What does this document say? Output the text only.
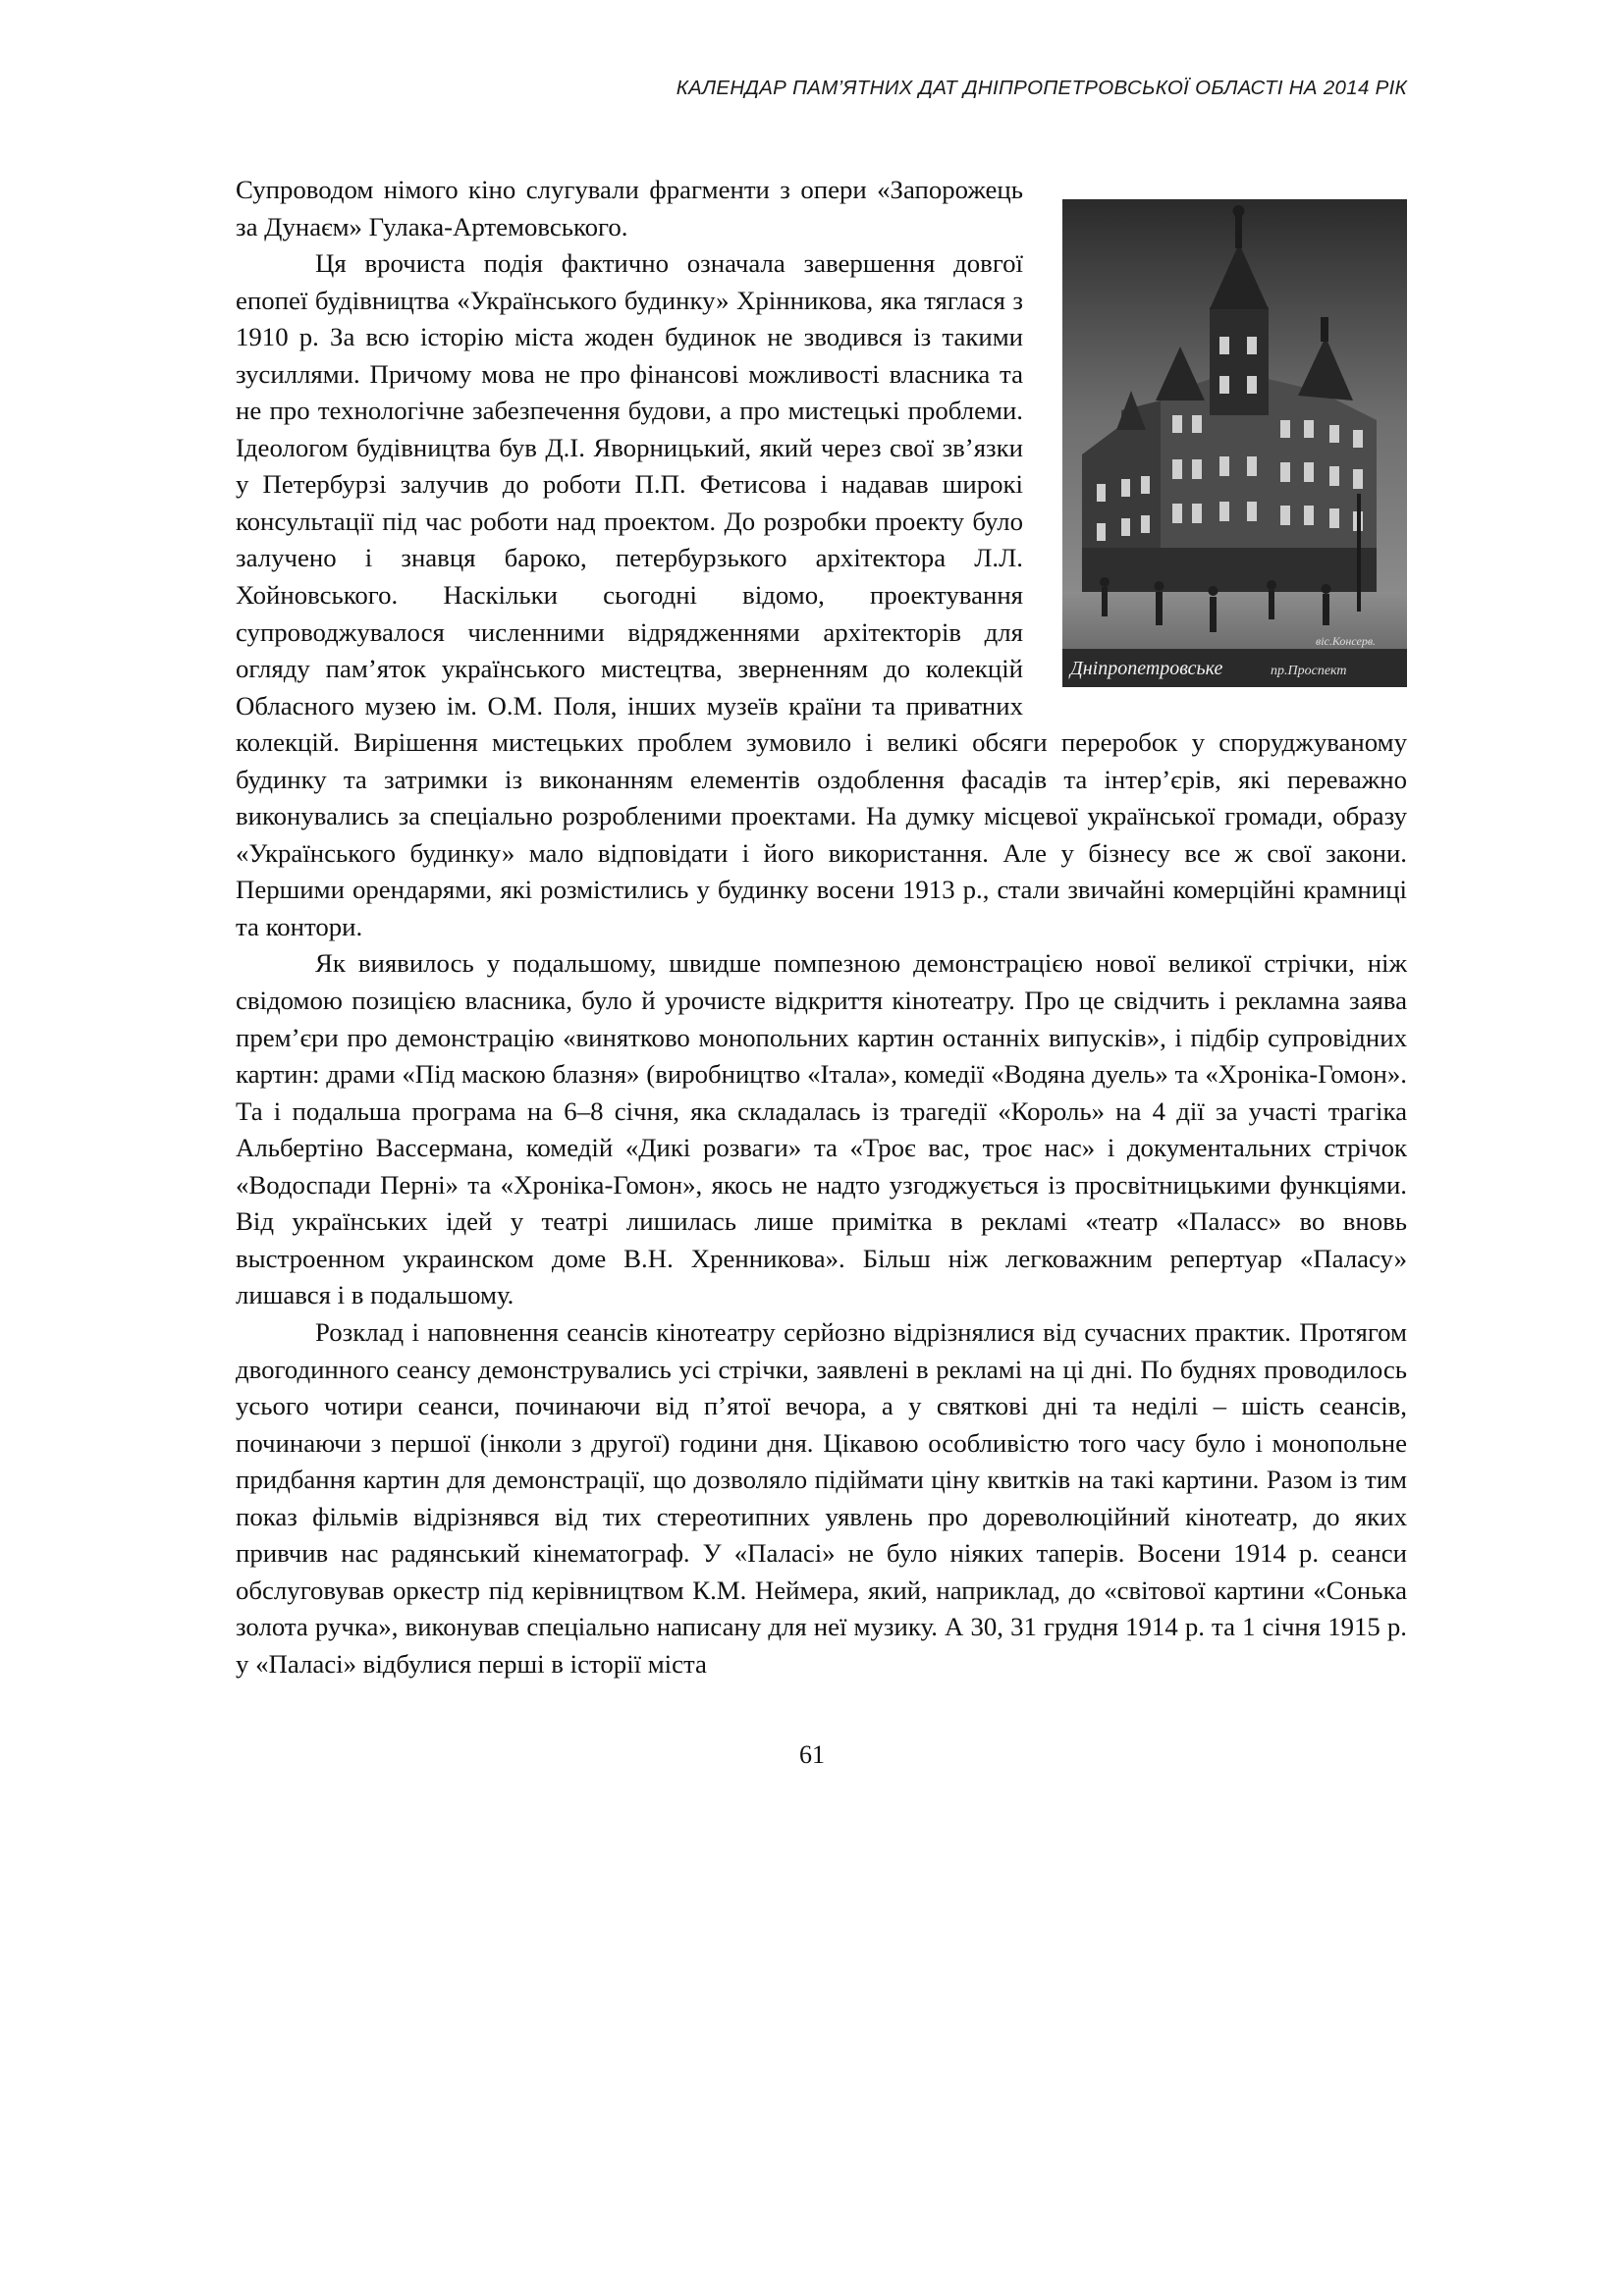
КАЛЕНДАР ПАМ’ЯТНИХ ДАТ ДНІПРОПЕТРОВСЬКОЇ ОБЛАСТІ НА 2014 РІК
Дніпропетровське	пр.Проспект
вiс.Консерв.

Супроводом німого кіно слугували фрагменти з опери «Запорожець за Дунаєм» Гулака-Артемовського.

Ця врочиста подія фактично означала завершення довгої епопеї будівництва «Українського будинку» Хрінникова, яка тяглася з 1910 р. За всю історію міста жоден будинок не зводився із такими зусиллями. Причому мова не про фінансові можливості власника та не про технологічне забезпечення будови, а про мистецькі проблеми. Ідеологом будівництва був Д.І. Яворницький, який через свої зв’язки у Петербурзі залучив до роботи П.П. Фетисова і надавав широкі консультації під час роботи над проектом. До розробки проекту було залучено і знавця бароко, петербурзького архітектора Л.Л. Хойновського. Наскільки сьогодні відомо, проектування супроводжувалося численними відрядженнями архітекторів для огляду пам’яток українського мистецтва, зверненням до колекцій Обласного музею ім. О.М. Поля, інших музеїв країни та приватних колекцій. Вирішення мистецьких проблем зумовило і великі обсяги переробок у споруджуваному будинку та затримки із виконанням елементів оздоблення фасадів та інтер’єрів, які переважно виконувались за спеціально розробленими проектами. На думку місцевої української громади, образу «Українського будинку» мало відповідати і його використання. Але у бізнесу все ж свої закони. Першими орендарями, які розмістились у будинку восени 1913 р., стали звичайні комерційні крамниці та контори.

Як виявилось у подальшому, швидше помпезною демонстрацією нової великої стрічки, ніж свідомою позицією власника, було й урочисте відкриття кінотеатру. Про це свідчить і рекламна заява прем’єри про демонстрацію «винятково монопольних картин останніх випусків», і підбір супровідних картин: драми «Під маскою блазня» (виробництво «Італа», комедії «Водяна дуель» та «Хроніка-Гомон». Та і подальша програма на 6–8 січня, яка складалась із трагедії «Король» на 4 дії за участі трагіка Альбертіно Вассермана, комедій «Дикі розваги» та «Троє вас, троє нас» і документальних стрічок «Водоспади Перні» та «Хроніка-Гомон», якось не надто узгоджується із просвітницькими функціями. Від українських ідей у театрі лишилась лише примітка в рекламі «театр «Паласс» во вновь выстроенном украинском доме В.Н. Хренникова». Більш ніж легковажним репертуар «Паласу» лишався і в подальшому.

Розклад і наповнення сеансів кінотеатру серйозно відрізнялися від сучасних практик. Протягом двогодинного сеансу демонструвались усі стрічки, заявлені в рекламі на ці дні. По буднях проводилось усього чотири сеанси, починаючи від п’ятої вечора, а у святкові дні та неділі – шість сеансів, починаючи з першої (інколи з другої) години дня. Цікавою особливістю того часу було і монопольне придбання картин для демонстрації, що дозволяло підіймати ціну квитків на такі картини. Разом із тим показ фільмів відрізнявся від тих стереотипних уявлень про дореволюційний кінотеатр, до яких привчив нас радянський кінематограф. У «Паласі» не було ніяких таперів. Восени 1914 р. сеанси обслуговував оркестр під керівництвом К.М. Неймера, який, наприклад, до «світової картини «Сонька золота ручка», виконував спеціально написану для неї музику. А 30, 31 грудня 1914 р. та 1 січня 1915 р. у «Паласі» відбулися перші в історії міста

61
